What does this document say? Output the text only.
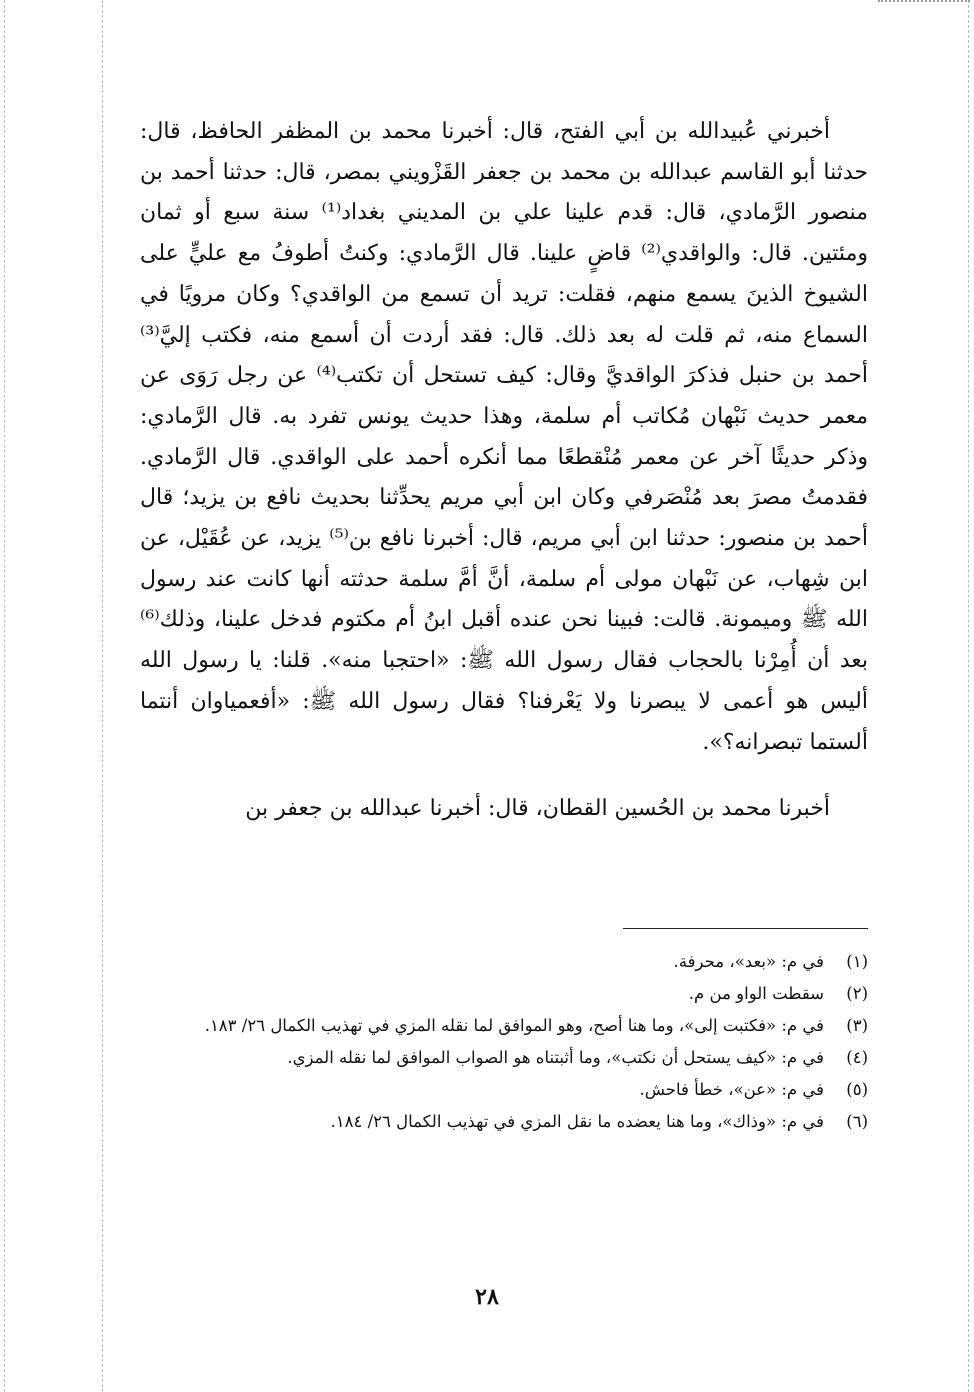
أخبرني عُبيدالله بن أبي الفتح، قال: أخبرنا محمد بن المظفر الحافظ، قال: حدثنا أبو القاسم عبدالله بن محمد بن جعفر القَزْويني بمصر، قال: حدثنا أحمد بن منصور الرَّمادي، قال: قدم علينا علي بن المديني بغداد⁽¹⁾ سنة سبع أو ثمان ومئتين. قال: والواقدي⁽²⁾ قاضٍ علينا. قال الرَّمادي: وكنتُ أطوفُ مع عليٍّ على الشيوخ الذينَ يسمع منهم، فقلت: تريد أن تسمع من الواقدي؟ وكان مرويًا في السماع منه، ثم قلت له بعد ذلك. قال: فقد أردت أن أسمع منه، فكتب إليَّ⁽³⁾ أحمد بن حنبل فذكرَ الواقديَّ وقال: كيف تستحل أن تكتب⁽⁴⁾ عن رجل رَوَى عن معمر حديث نَبْهان مُكاتب أم سلمة، وهذا حديث يونس تفرد به. قال الرَّمادي: وذكر حديثًا آخر عن معمر مُنْقطعًا مما أنكره أحمد على الواقدي. قال الرَّمادي. فقدمتُ مصرَ بعد مُنْصَرفي وكان ابن أبي مريم يحدِّثنا بحديث نافع بن يزيد؛ قال أحمد بن منصور: حدثنا ابن أبي مريم، قال: أخبرنا نافع بن⁽⁵⁾ يزيد، عن عُقَيْل، عن ابن شِهاب، عن نَبْهان مولى أم سلمة، أنَّ أمَّ سلمة حدثته أنها كانت عند رسول الله ﷺ وميمونة. قالت: فبينا نحن عنده أقبل ابنُ أم مكتوم فدخل علينا، وذلك⁽⁶⁾ بعد أن أُمِرْنا بالحجاب فقال رسول الله ﷺ: «احتجبا منه». قلنا: يا رسول الله أليس هو أعمى لا يبصرنا ولا يَعْرفنا؟ فقال رسول الله ﷺ: «أفعمياوان أنتما ألستما تبصرانه؟».

أخبرنا محمد بن الحُسين القطان، قال: أخبرنا عبدالله بن جعفر بن

(١)
في م: «بعد»، محرفة.
(٢)
سقطت الواو من م.
(٣)
في م: «فكتبت إلى»، وما هنا أصح، وهو الموافق لما نقله المزي في تهذيب الكمال ٢٦/ ١٨٣.
(٤)
في م: «كيف يستحل أن نكتب»، وما أثبتناه هو الصواب الموافق لما نقله المزي.
(٥)
في م: «عن»، خطأ فاحش.
(٦)
في م: «وذاك»، وما هنا يعضده ما نقل المزي في تهذيب الكمال ٢٦/ ١٨٤.
٢٨
